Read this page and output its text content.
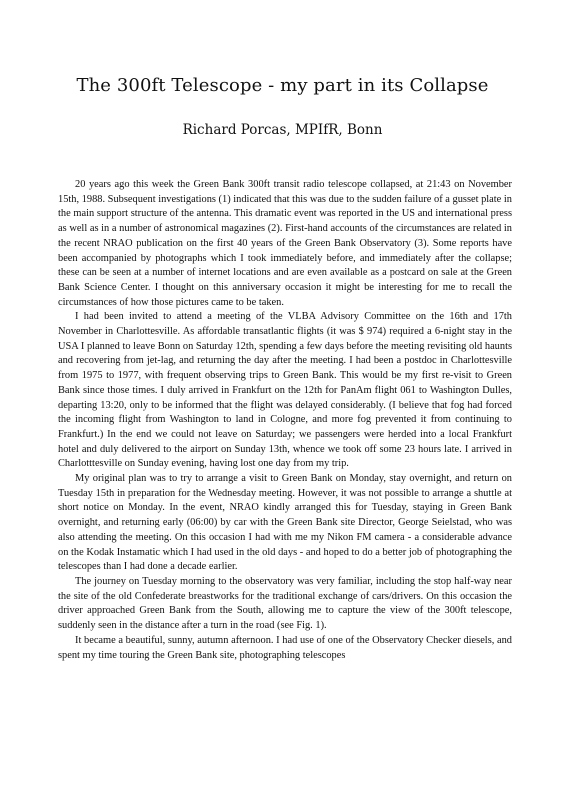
The 300ft Telescope - my part in its Collapse
Richard Porcas, MPIfR, Bonn

20 years ago this week the Green Bank 300ft transit radio telescope collapsed, at 21:43 on November 15th, 1988. Subsequent investigations (1) indicated that this was due to the sudden failure of a gusset plate in the main support structure of the antenna. This dramatic event was reported in the US and international press as well as in a number of astronomical magazines (2). First-hand accounts of the circumstances are related in the recent NRAO publication on the first 40 years of the Green Bank Observatory (3). Some reports have been accompanied by photographs which I took immediately before, and immediately after the collapse; these can be seen at a number of internet locations and are even available as a postcard on sale at the Green Bank Science Center. I thought on this anniversary occasion it might be interesting for me to recall the circumstances of how those pictures came to be taken.

I had been invited to attend a meeting of the VLBA Advisory Committee on the 16th and 17th November in Charlottesville. As affordable transatlantic flights (it was $ 974) required a 6-night stay in the USA I planned to leave Bonn on Saturday 12th, spending a few days before the meeting revisiting old haunts and recovering from jet-lag, and returning the day after the meeting. I had been a postdoc in Charlottesville from 1975 to 1977, with frequent observing trips to Green Bank. This would be my first re-visit to Green Bank since those times. I duly arrived in Frankfurt on the 12th for PanAm flight 061 to Washington Dulles, departing 13:20, only to be informed that the flight was delayed considerably. (I believe that fog had forced the incoming flight from Washington to land in Cologne, and more fog prevented it from continuing to Frankfurt.) In the end we could not leave on Saturday; we passengers were herded into a local Frankfurt hotel and duly delivered to the airport on Sunday 13th, whence we took off some 23 hours late. I arrived in Charlotttesville on Sunday evening, having lost one day from my trip.

My original plan was to try to arrange a visit to Green Bank on Monday, stay overnight, and return on Tuesday 15th in preparation for the Wednesday meeting. However, it was not possible to arrange a shuttle at short notice on Monday. In the event, NRAO kindly arranged this for Tuesday, staying in Green Bank overnight, and returning early (06:00) by car with the Green Bank site Director, George Seielstad, who was also attending the meeting. On this occasion I had with me my Nikon FM camera - a considerable advance on the Kodak Instamatic which I had used in the old days - and hoped to do a better job of photographing the telescopes than I had done a decade earlier.

The journey on Tuesday morning to the observatory was very familiar, including the stop half-way near the site of the old Confederate breastworks for the traditional exchange of cars/drivers. On this occasion the driver approached Green Bank from the South, allowing me to capture the view of the 300ft telescope, suddenly seen in the distance after a turn in the road (see Fig. 1).

It became a beautiful, sunny, autumn afternoon. I had use of one of the Observatory Checker diesels, and spent my time touring the Green Bank site, photographing telescopes
